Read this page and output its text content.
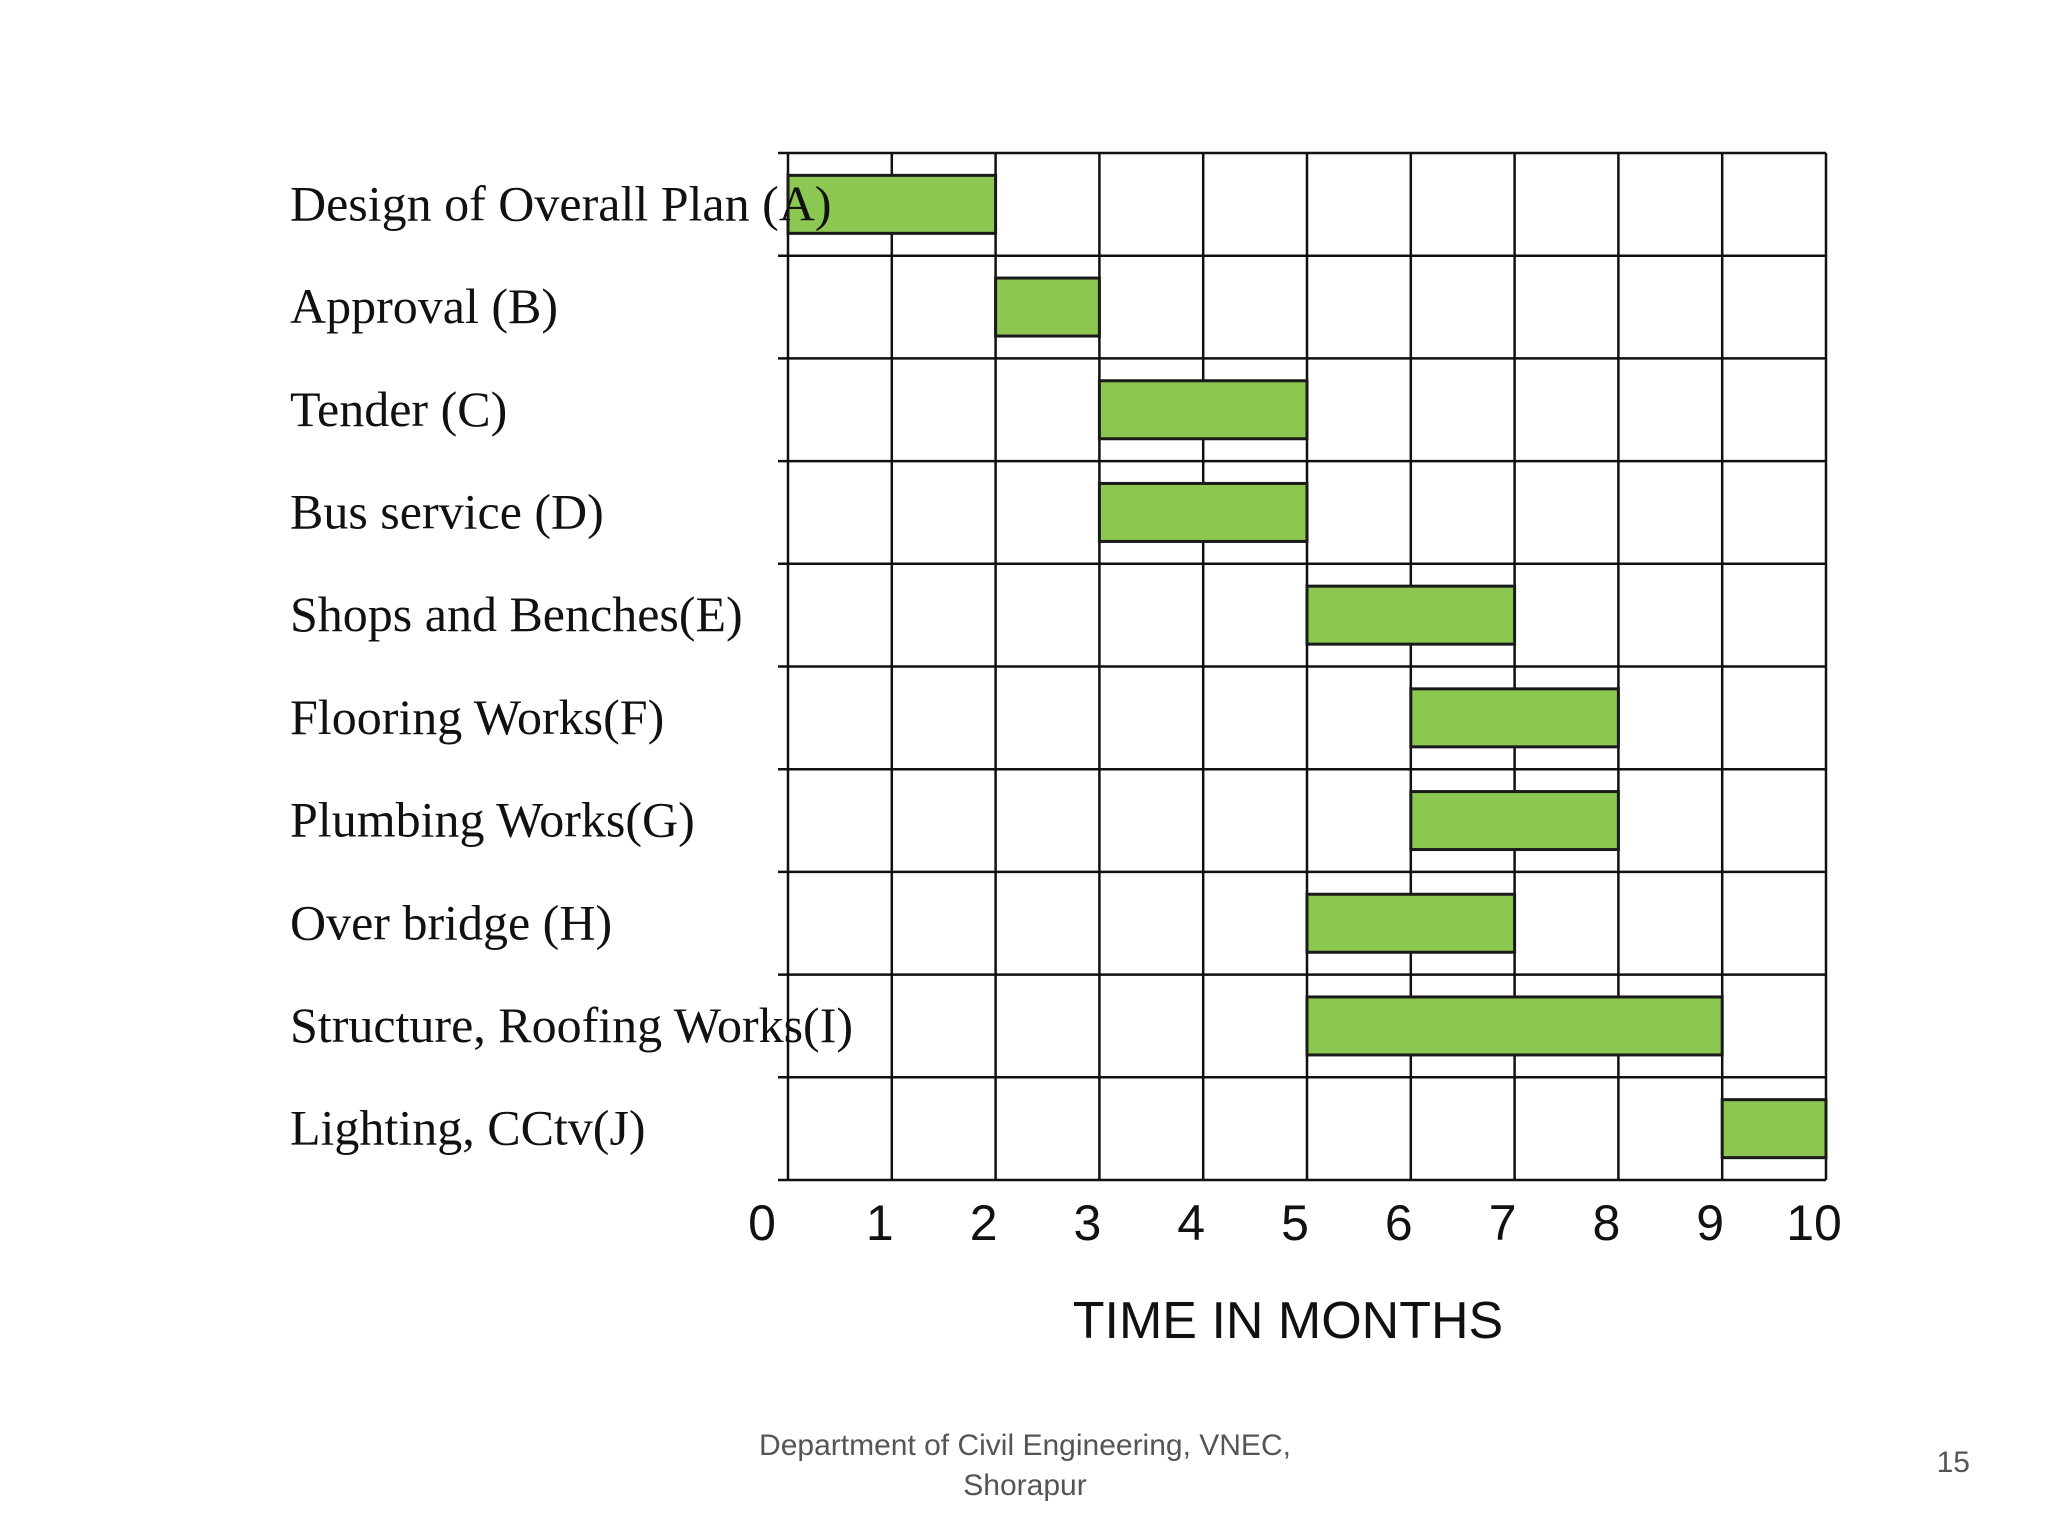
Design of Overall Plan (A)
Approval (B)
Tender (C)
Bus service (D)
Shops and Benches(E)
Flooring Works(F)
Plumbing Works(G)
Over bridge (H)
Structure, Roofing Works(I)
Lighting, CCtv(J)
0 1 2 3 4 5 6 7 8 9 10
TIME IN MONTHS
Department of Civil Engineering, VNEC,
Shorapur
15
